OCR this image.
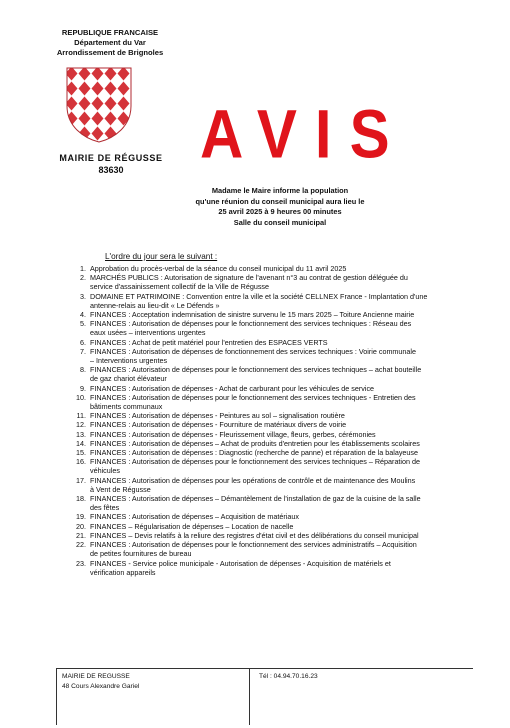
REPUBLIQUE FRANCAISE
Département du Var
Arrondissement de Brignoles
MAIRIE DE RÉGUSSE
83630	AVIS
Madame le Maire informe la population
qu'une réunion du conseil municipal aura lieu le
25 avril 2025 à 9 heures 00 minutes
Salle du conseil municipal
L'ordre du jour sera le suivant :
1. Approbation du procès-verbal de la séance du conseil municipal du 11 avril 2025
2. MARCHÉS PUBLICS : Autorisation de signature de l'avenant n°3 au contrat de gestion déléguée du
service d'assainissement collectif de la Ville de Régusse
3. DOMAINE ET PATRIMOINE : Convention entre la ville et la société CELLNEX France - Implantation d'une
antenne-relais au lieu-dit « Le Défends »
4. FINANCES : Acceptation indemnisation de sinistre survenu le 15 mars 2025 – Toiture Ancienne mairie
5. FINANCES : Autorisation de dépenses pour le fonctionnement des services techniques : Réseau des
eaux usées – interventions urgentes
6. FINANCES : Achat de petit matériel pour l'entretien des ESPACES VERTS
7. FINANCES : Autorisation de dépenses de fonctionnement des services techniques : Voirie communale
– Interventions urgentes
8. FINANCES : Autorisation de dépenses pour le fonctionnement des services techniques – achat bouteille
de gaz chariot élévateur
9. FINANCES : Autorisation de dépenses - Achat de carburant pour les véhicules de service
10. FINANCES : Autorisation de dépenses pour le fonctionnement des services techniques - Entretien des
bâtiments communaux
11. FINANCES : Autorisation de dépenses - Peintures au sol – signalisation routière
12. FINANCES : Autorisation de dépenses - Fourniture de matériaux divers de voirie
13. FINANCES : Autorisation de dépenses - Fleurissement village, fleurs, gerbes, cérémonies
14. FINANCES : Autorisation de dépenses – Achat de produits d'entretien pour les établissements scolaires
15. FINANCES : Autorisation de dépenses : Diagnostic (recherche de panne) et réparation de la balayeuse
16. FINANCES : Autorisation de dépenses pour le fonctionnement des services techniques – Réparation de
véhicules
17. FINANCES : Autorisation de dépenses pour les opérations de contrôle et de maintenance des Moulins
à Vent de Régusse
18. FINANCES : Autorisation de dépenses – Démantèlement de l'installation de gaz de la cuisine de la salle
des fêtes
19. FINANCES : Autorisation de dépenses – Acquisition de matériaux
20. FINANCES – Régularisation de dépenses – Location de nacelle
21. FINANCES – Devis relatifs à la reliure des registres d'état civil et des délibérations du conseil municipal
22. FINANCES : Autorisation de dépenses pour le fonctionnement des services administratifs – Acquisition
de petites fournitures de bureau
23. FINANCES - Service police municipale - Autorisation de dépenses - Acquisition de matériels et
vérification appareils
MAIRIE DE REGUSSE
48 Cours Alexandre Gariel
Tél : 04.94.70.16.23
